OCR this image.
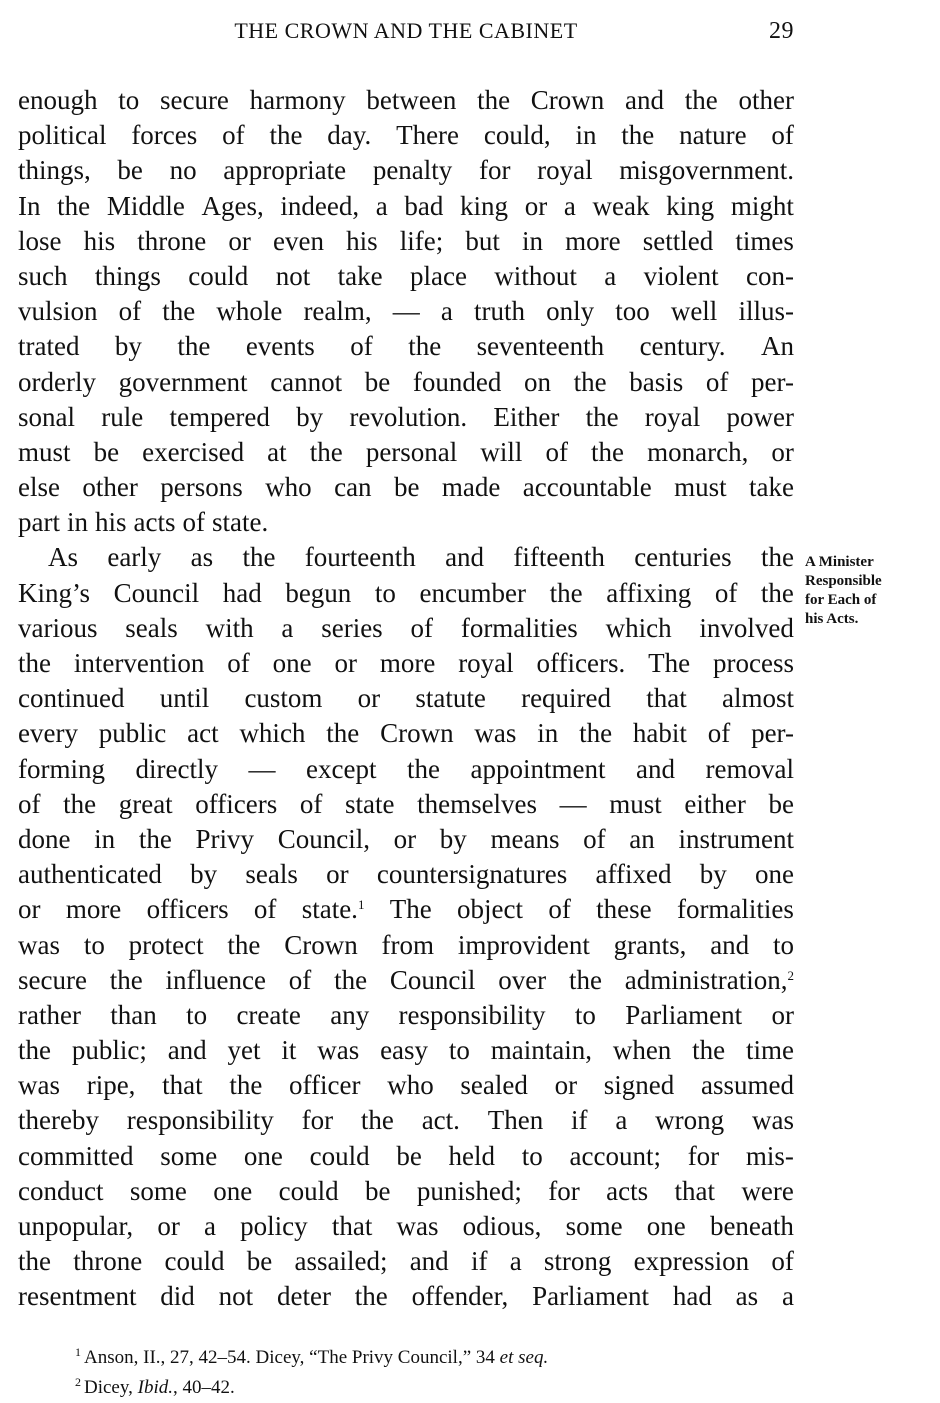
THE CROWN AND THE CABINET	29
enough to secure harmony between the Crown and the other
political forces of the day. There could, in the nature of
things, be no appropriate penalty for royal misgovernment.
In the Middle Ages, indeed, a bad king or a weak king might
lose his throne or even his life; but in more settled times
such things could not take place without a violent con-
vulsion of the whole realm, — a truth only too well illus-
trated by the events of the seventeenth century. An
orderly government cannot be founded on the basis of per-
sonal rule tempered by revolution. Either the royal power
must be exercised at the personal will of the monarch, or
else other persons who can be made accountable must take
part in his acts of state.
As early as the fourteenth and fifteenth centuries the
King’s Council had begun to encumber the affixing of the
various seals with a series of formalities which involved
the intervention of one or more royal officers. The process
continued until custom or statute required that almost
every public act which the Crown was in the habit of per-
forming directly — except the appointment and removal
of the great officers of state themselves — must either be
done in the Privy Council, or by means of an instrument
authenticated by seals or countersignatures affixed by one
or more officers of state.$^1$ The object of these formalities
was to protect the Crown from improvident grants, and to
secure the influence of the Council over the administration,$^2$
rather than to create any responsibility to Parliament or
the public; and yet it was easy to maintain, when the time
was ripe, that the officer who sealed or signed assumed
thereby responsibility for the act. Then if a wrong was
committed some one could be held to account; for mis-
conduct some one could be punished; for acts that were
unpopular, or a policy that was odious, some one beneath
the throne could be assailed; and if a strong expression of
resentment did not deter the offender, Parliament had as a
A Minister
Responsible
for Each of
his Acts.
$^1$ Anson, II., 27, 42–54. Dicey, “The Privy Council,” 34 et seq.
$^2$ Dicey, Ibid., 40–42.
